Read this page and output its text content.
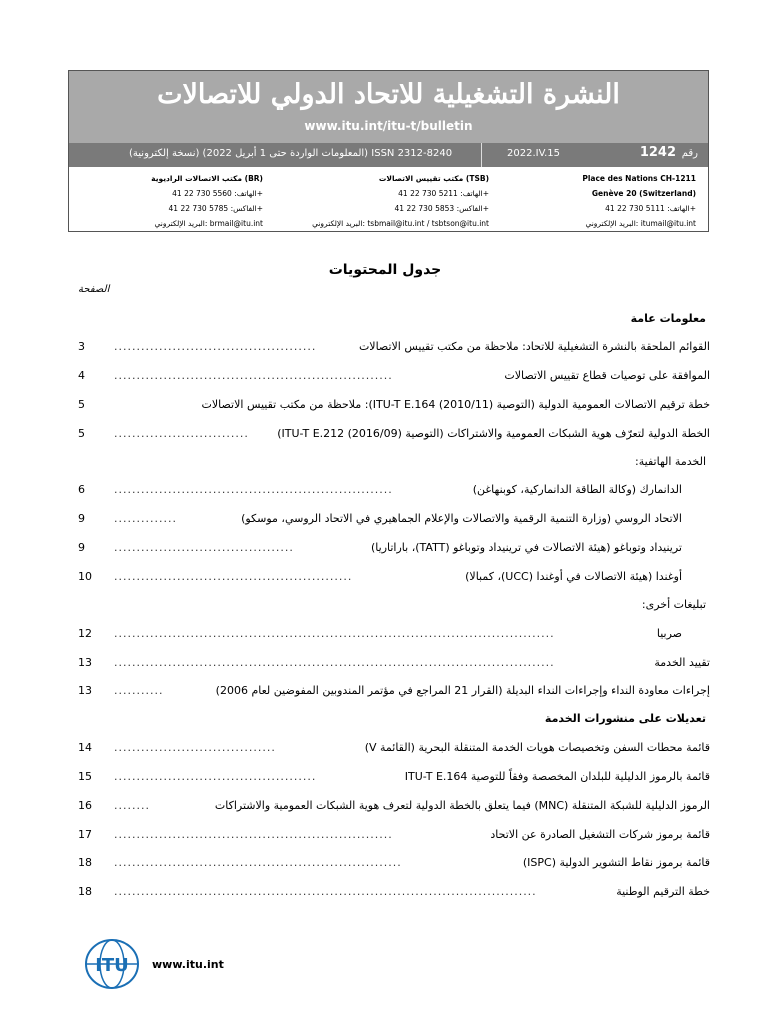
النشرة التشغيلية للاتحاد الدولي للاتصالات
www.itu.int/itu-t/bulletin
ISSN 2312-8240 (المعلومات الواردة حتى 1 أبريل 2022) (نسخة إلكترونية)	2022.IV.15	1242 رقم
مكتب الاتصالات الراديوية (BR)
الهاتف: 5560 730 22 41+
الفاكس: 5785 730 22 41+
البريد الإلكتروني: brmail@itu.int
مكتب تقييس الاتصالات (TSB)
الهاتف: 5211 730 22 41+
الفاكس: 5853 730 22 41+
البريد الإلكتروني: tsbmail@itu.int / tsbtson@itu.int
Place des Nations CH-1211
Genève 20 (Switzerland)
الهاتف: 5111 730 22 41+
البريد الإلكتروني: itumail@itu.int
جدول المحتويات
الصفحة
معلومات عامة
3	.............................................	القوائم الملحقة بالنشرة التشغيلية للاتحاد: ملاحظة من مكتب تقييس الاتصالات
4	..............................................................	الموافقة على توصيات قطاع تقييس الاتصالات
5	خطة ترقيم الاتصالات العمومية الدولية (التوصية ITU-T E.164 (2010/11)): ملاحظة من مكتب تقييس الاتصالات
5	..............................	الخطة الدولية لتعرّف هوية الشبكات العمومية والاشتراكات (التوصية ITU-T E.212 (2016/09))
الخدمة الهاتفية:
6	..............................................................	الدانمارك (وكالة الطاقة الدانماركية، كوبنهاغن)
9	..............	الاتحاد الروسي (وزارة التنمية الرقمية والاتصالات والإعلام الجماهيري في الاتحاد الروسي، موسكو)
9	........................................	ترينيداد وتوباغو (هيئة الاتصالات في ترينيداد وتوباغو (TATT)، باراتاريا)
10 .....................................................	أوغندا (هيئة الاتصالات في أوغندا (UCC)، كمبالا)
تبليغات أخرى:
12 ..................................................................................................	صربيا
13 ..................................................................................................	تقييد الخدمة
13 ...........	إجراءات معاودة النداء وإجراءات النداء البديلة (القرار 21 المراجع في مؤتمر المندوبين المفوضين لعام 2006)
تعديلات على منشورات الخدمة
14 ....................................	قائمة محطات السفن وتخصيصات هويات الخدمة المتنقلة البحرية (القائمة V)
15 .............................................	قائمة بالرموز الدليلية للبلدان المخصصة وفقاً للتوصية ITU-T E.164
16 ........	الرموز الدليلية للشبكة المتنقلة (MNC) فيما يتعلق بالخطة الدولية لتعرف هوية الشبكات العمومية والاشتراكات
17 ..............................................................	قائمة برموز شركات التشغيل الصادرة عن الاتحاد
18 ................................................................	قائمة برموز نقاط التشوير الدولية (ISPC)
18 ..............................................................................................	خطة الترقيم الوطنية
ITU www.itu.int
